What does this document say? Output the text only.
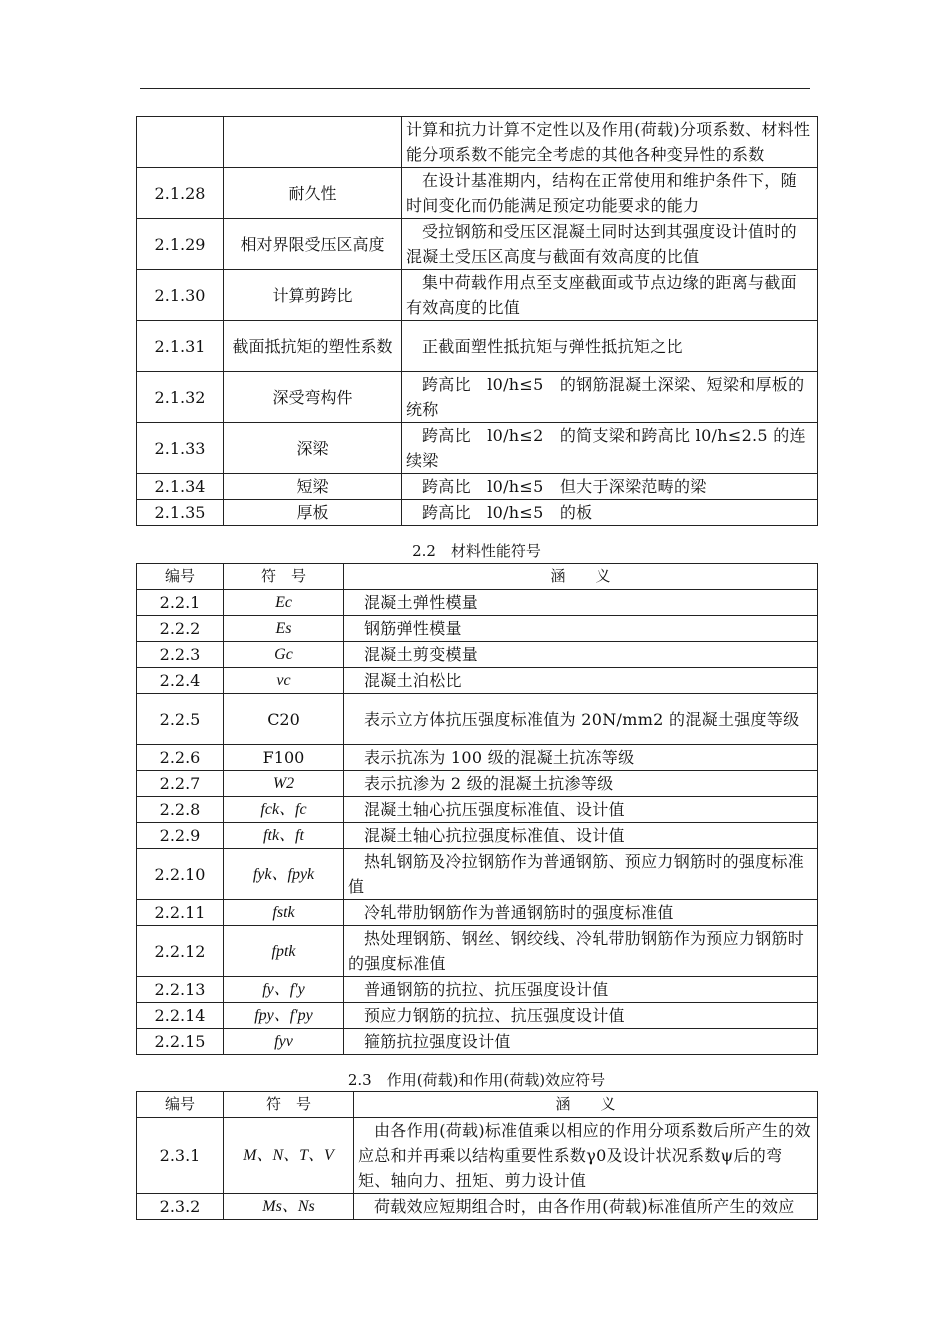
		计算和抗力计算不定性以及作用(荷载)分项系数、材料性能分项系数不能完全考虑的其他各种变异性的系数
2.1.28	耐久性	在设计基准期内，结构在正常使用和维护条件下，随时间变化而仍能满足预定功能要求的能力
2.1.29	相对界限受压区高度	受拉钢筋和受压区混凝土同时达到其强度设计值时的混凝土受压区高度与截面有效高度的比值
2.1.30	计算剪跨比	集中荷载作用点至支座截面或节点边缘的距离与截面有效高度的比值
2.1.31	截面抵抗矩的塑性系数	正截面塑性抵抗矩与弹性抵抗矩之比
2.1.32	深受弯构件	跨高比　l0/h≤5　的钢筋混凝土深梁、短梁和厚板的统称
2.1.33	深梁	跨高比　l0/h≤2　的简支梁和跨高比 l0/h≤2.5 的连续梁
2.1.34	短梁	跨高比　l0/h≤5　但大于深梁范畴的梁
2.1.35	厚板	跨高比　l0/h≤5　的板
2.2　材料性能符号
编号	符　号	涵　　义
2.2.1	Ec	混凝土弹性模量
2.2.2	Es	钢筋弹性模量
2.2.3	Gc	混凝土剪变模量
2.2.4	νc	混凝土泊松比
2.2.5	C20	表示立方体抗压强度标准值为 20N/mm2 的混凝土强度等级
2.2.6	F100	表示抗冻为 100 级的混凝土抗冻等级
2.2.7	W2	表示抗渗为 2 级的混凝土抗渗等级
2.2.8	fck、fc	混凝土轴心抗压强度标准值、设计值
2.2.9	ftk、ft	混凝土轴心抗拉强度标准值、设计值
2.2.10	fyk、fpyk	热轧钢筋及冷拉钢筋作为普通钢筋、预应力钢筋时的强度标准值
2.2.11	fstk	冷轧带肋钢筋作为普通钢筋时的强度标准值
2.2.12	fptk	热处理钢筋、钢丝、钢绞线、冷轧带肋钢筋作为预应力钢筋时的强度标准值
2.2.13	fy、f′y	普通钢筋的抗拉、抗压强度设计值
2.2.14	fpy、f′py	预应力钢筋的抗拉、抗压强度设计值
2.2.15	fyv	箍筋抗拉强度设计值
2.3　作用(荷载)和作用(荷载)效应符号
编号	符　号	涵　　义
2.3.1	M、N、T、V	由各作用(荷载)标准值乘以相应的作用分项系数后所产生的效应总和并再乘以结构重要性系数γ0及设计状况系数ψ后的弯矩、轴向力、扭矩、剪力设计值
2.3.2	Ms、Ns	荷载效应短期组合时，由各作用(荷载)标准值所产生的效应
